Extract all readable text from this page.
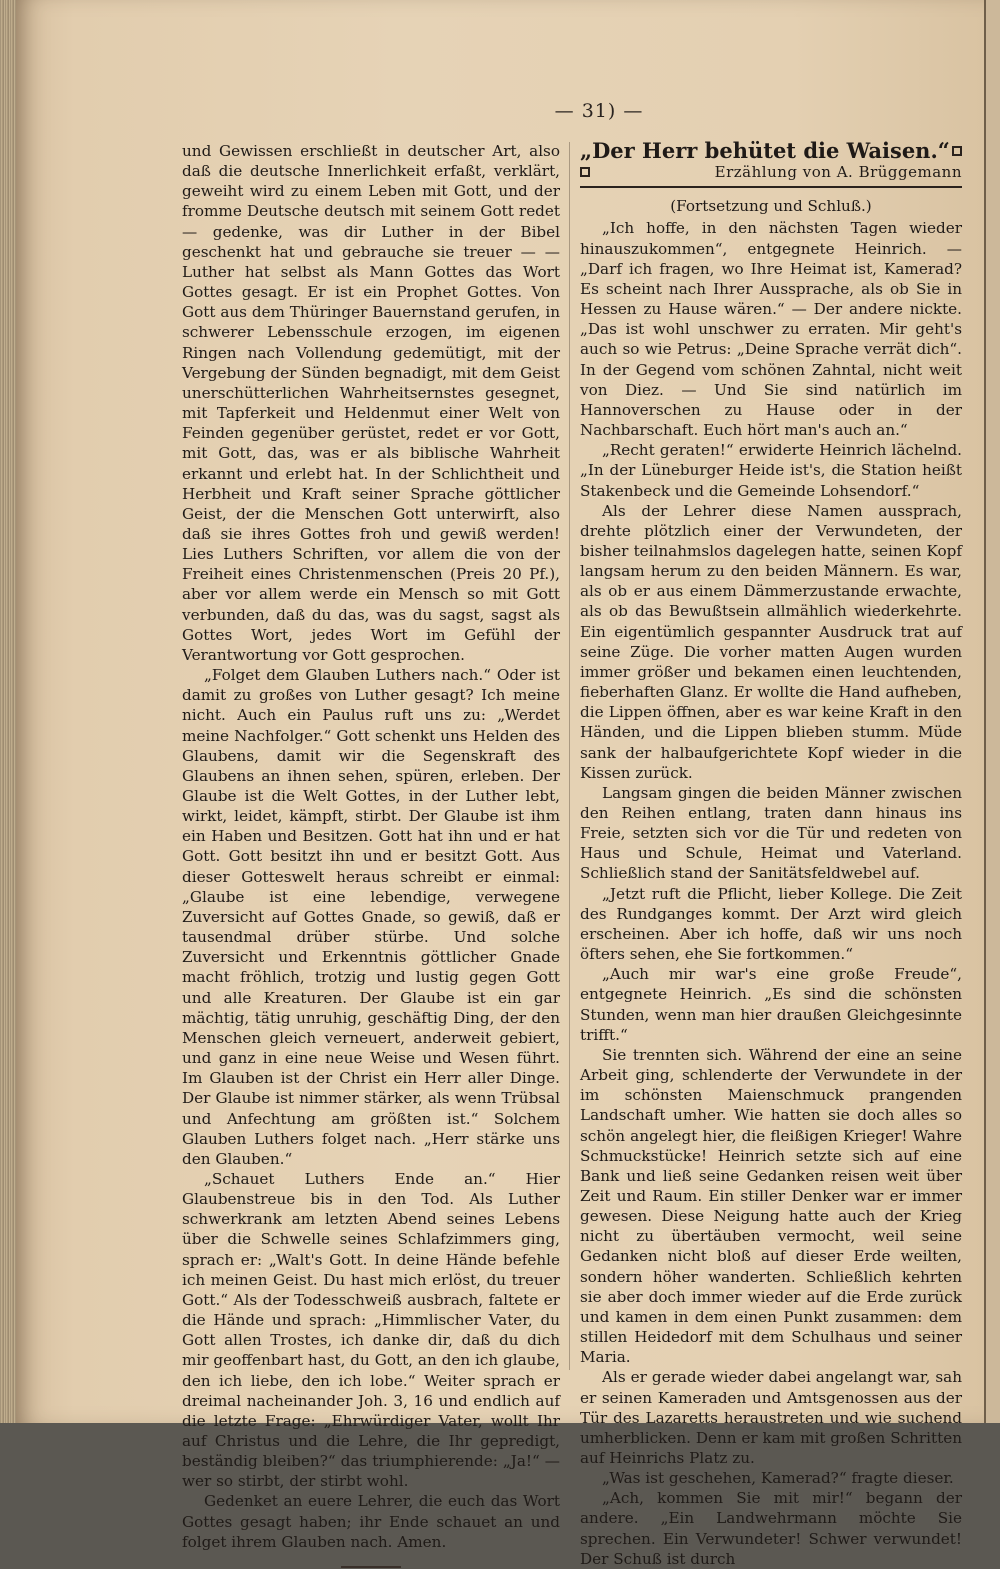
— 31) —

und Gewissen erschließt in deutscher Art, also daß die deutsche Innerlichkeit erfaßt, verklärt, geweiht wird zu einem Leben mit Gott, und der fromme Deutsche deutsch mit seinem Gott redet — gedenke, was dir Luther in der Bibel geschenkt hat und gebrauche sie treuer — — Luther hat selbst als Mann Gottes das Wort Gottes gesagt. Er ist ein Prophet Gottes. Von Gott aus dem Thüringer Bauernstand gerufen, in schwerer Lebensschule erzogen, im eigenen Ringen nach Vollendung gedemütigt, mit der Vergebung der Sünden begnadigt, mit dem Geist unerschütterlichen Wahrheitsernstes gesegnet, mit Tapferkeit und Heldenmut einer Welt von Feinden gegenüber gerüstet, redet er vor Gott, mit Gott, das, was er als biblische Wahrheit erkannt und erlebt hat. In der Schlichtheit und Herbheit und Kraft seiner Sprache göttlicher Geist, der die Menschen Gott unterwirft, also daß sie ihres Gottes froh und gewiß werden! Lies Luthers Schriften, vor allem die von der Freiheit eines Christenmenschen (Preis 20 Pf.), aber vor allem werde ein Mensch so mit Gott verbunden, daß du das, was du sagst, sagst als Gottes Wort, jedes Wort im Gefühl der Verantwortung vor Gott gesprochen.

„Folget dem Glauben Luthers nach.“ Oder ist damit zu großes von Luther gesagt? Ich meine nicht. Auch ein Paulus ruft uns zu: „Werdet meine Nachfolger.“ Gott schenkt uns Helden des Glaubens, damit wir die Segenskraft des Glaubens an ihnen sehen, spüren, erleben. Der Glaube ist die Welt Gottes, in der Luther lebt, wirkt, leidet, kämpft, stirbt. Der Glaube ist ihm ein Haben und Besitzen. Gott hat ihn und er hat Gott. Gott besitzt ihn und er besitzt Gott. Aus dieser Gotteswelt heraus schreibt er einmal: „Glaube ist eine lebendige, verwegene Zuversicht auf Gottes Gnade, so gewiß, daß er tausendmal drüber stürbe. Und solche Zuversicht und Erkenntnis göttlicher Gnade macht fröhlich, trotzig und lustig gegen Gott und alle Kreaturen. Der Glaube ist ein gar mächtig, tätig unruhig, geschäftig Ding, der den Menschen gleich verneuert, anderweit gebiert, und ganz in eine neue Weise und Wesen führt. Im Glauben ist der Christ ein Herr aller Dinge. Der Glaube ist nimmer stärker, als wenn Trübsal und Anfechtung am größten ist.“ Solchem Glauben Luthers folget nach. „Herr stärke uns den Glauben.“

„Schauet Luthers Ende an.“ Hier Glaubenstreue bis in den Tod. Als Luther schwerkrank am letzten Abend seines Lebens über die Schwelle seines Schlafzimmers ging, sprach er: „Walt's Gott. In deine Hände befehle ich meinen Geist. Du hast mich erlöst, du treuer Gott.“ Als der Todesschweiß ausbrach, faltete er die Hände und sprach: „Himmlischer Vater, du Gott allen Trostes, ich danke dir, daß du dich mir geoffenbart hast, du Gott, an den ich glaube, den ich liebe, den ich lobe.“ Weiter sprach er dreimal nacheinander Joh. 3, 16 und endlich auf die letzte Frage: „Ehrwürdiger Vater, wollt Ihr auf Christus und die Lehre, die Ihr gepredigt, beständig bleiben?“ das triumphierende: „Ja!“ — wer so stirbt, der stirbt wohl.

Gedenket an euere Lehrer, die euch das Wort Gottes gesagt haben; ihr Ende schauet an und folget ihrem Glauben nach. Amen.

„Der Herr behütet die Waisen.“
Erzählung von A. Brüggemann
(Fortsetzung und Schluß.)

„Ich hoffe, in den nächsten Tagen wieder hinauszukommen“, entgegnete Heinrich. — „Darf ich fragen, wo Ihre Heimat ist, Kamerad? Es scheint nach Ihrer Aussprache, als ob Sie in Hessen zu Hause wären.“ — Der andere nickte. „Das ist wohl unschwer zu erraten. Mir geht's auch so wie Petrus: „Deine Sprache verrät dich“. In der Gegend vom schönen Zahntal, nicht weit von Diez. — Und Sie sind natürlich im Hannoverschen zu Hause oder in der Nachbarschaft. Euch hört man's auch an.“

„Recht geraten!“ erwiderte Heinrich lächelnd. „In der Lüneburger Heide ist's, die Station heißt Stakenbeck und die Gemeinde Lohsendorf.“

Als der Lehrer diese Namen aussprach, drehte plötzlich einer der Verwundeten, der bisher teilnahmslos dagelegen hatte, seinen Kopf langsam herum zu den beiden Männern. Es war, als ob er aus einem Dämmerzustande erwachte, als ob das Bewußtsein allmählich wiederkehrte. Ein eigentümlich gespannter Ausdruck trat auf seine Züge. Die vorher matten Augen wurden immer größer und bekamen einen leuchtenden, fieberhaften Glanz. Er wollte die Hand aufheben, die Lippen öffnen, aber es war keine Kraft in den Händen, und die Lippen blieben stumm. Müde sank der halbaufgerichtete Kopf wieder in die Kissen zurück.

Langsam gingen die beiden Männer zwischen den Reihen entlang, traten dann hinaus ins Freie, setzten sich vor die Tür und redeten von Haus und Schule, Heimat und Vaterland. Schließlich stand der Sanitätsfeldwebel auf.

„Jetzt ruft die Pflicht, lieber Kollege. Die Zeit des Rundganges kommt. Der Arzt wird gleich erscheinen. Aber ich hoffe, daß wir uns noch öfters sehen, ehe Sie fortkommen.“

„Auch mir war's eine große Freude“, entgegnete Heinrich. „Es sind die schönsten Stunden, wenn man hier draußen Gleichgesinnte trifft.“

Sie trennten sich. Während der eine an seine Arbeit ging, schlenderte der Verwundete in der im schönsten Maienschmuck prangenden Landschaft umher. Wie hatten sie doch alles so schön angelegt hier, die fleißigen Krieger! Wahre Schmuckstücke! Heinrich setzte sich auf eine Bank und ließ seine Gedanken reisen weit über Zeit und Raum. Ein stiller Denker war er immer gewesen. Diese Neigung hatte auch der Krieg nicht zu übertäuben vermocht, weil seine Gedanken nicht bloß auf dieser Erde weilten, sondern höher wanderten. Schließlich kehrten sie aber doch immer wieder auf die Erde zurück und kamen in dem einen Punkt zusammen: dem stillen Heidedorf mit dem Schulhaus und seiner Maria.

Als er gerade wieder dabei angelangt war, sah er seinen Kameraden und Amtsgenossen aus der Tür des Lazaretts heraustreten und wie suchend umherblicken. Denn er kam mit großen Schritten auf Heinrichs Platz zu.

„Was ist geschehen, Kamerad?“ fragte dieser.

„Ach, kommen Sie mit mir!“ begann der andere. „Ein Landwehrmann möchte Sie sprechen. Ein Verwundeter! Schwer verwundet! Der Schuß ist durch
